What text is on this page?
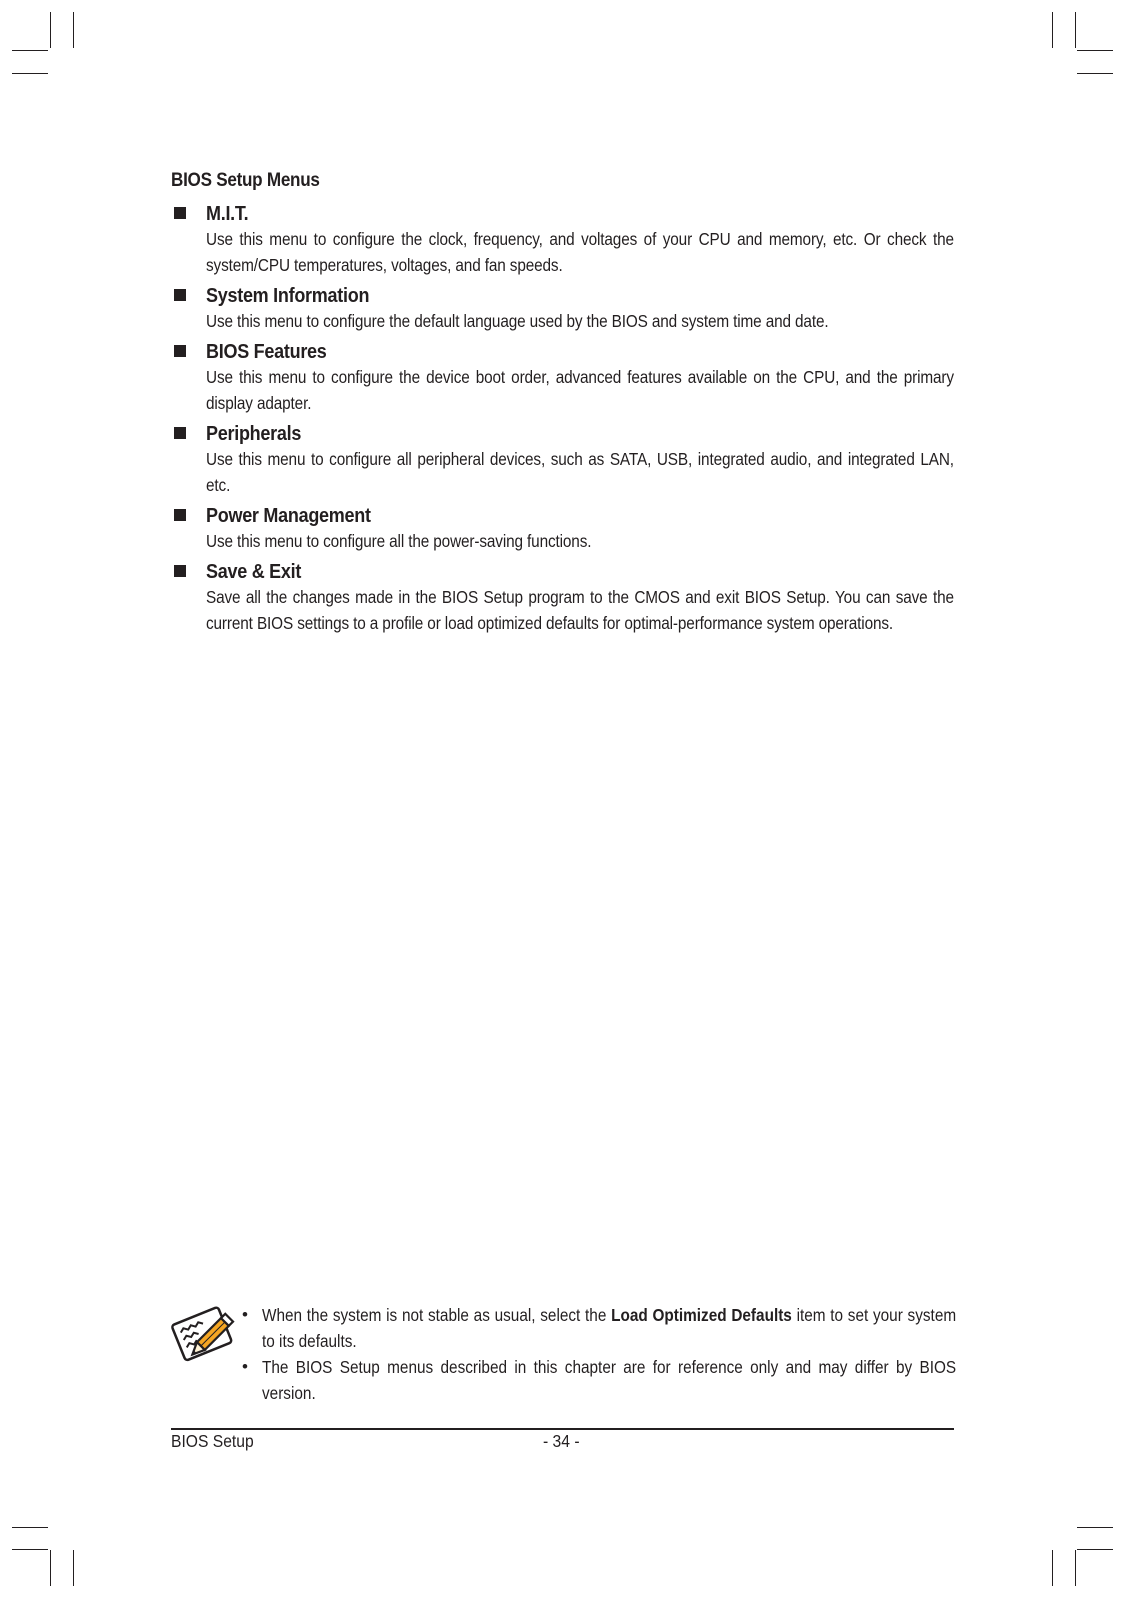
BIOS Setup Menus
M.I.T.
Use this menu to configure the clock, frequency, and voltages of your CPU and memory, etc. Or check the system/CPU temperatures, voltages, and fan speeds.
System Information
Use this menu to configure the default language used by the BIOS and system time and date.
BIOS Features
Use this menu to configure the device boot order, advanced features available on the CPU, and the primary display adapter.
Peripherals
Use this menu to configure all peripheral devices, such as SATA, USB, integrated audio, and integrated LAN, etc.
Power Management
Use this menu to configure all the power-saving functions.
Save & Exit
Save all the changes made in the BIOS Setup program to the CMOS and exit BIOS Setup. You can save the current BIOS settings to a profile or load optimized defaults for optimal-performance system operations.
• When the system is not stable as usual, select the Load Optimized Defaults item to set your system to its defaults.
• The BIOS Setup menus described in this chapter are for reference only and may differ by BIOS version.
BIOS Setup	- 34 -
